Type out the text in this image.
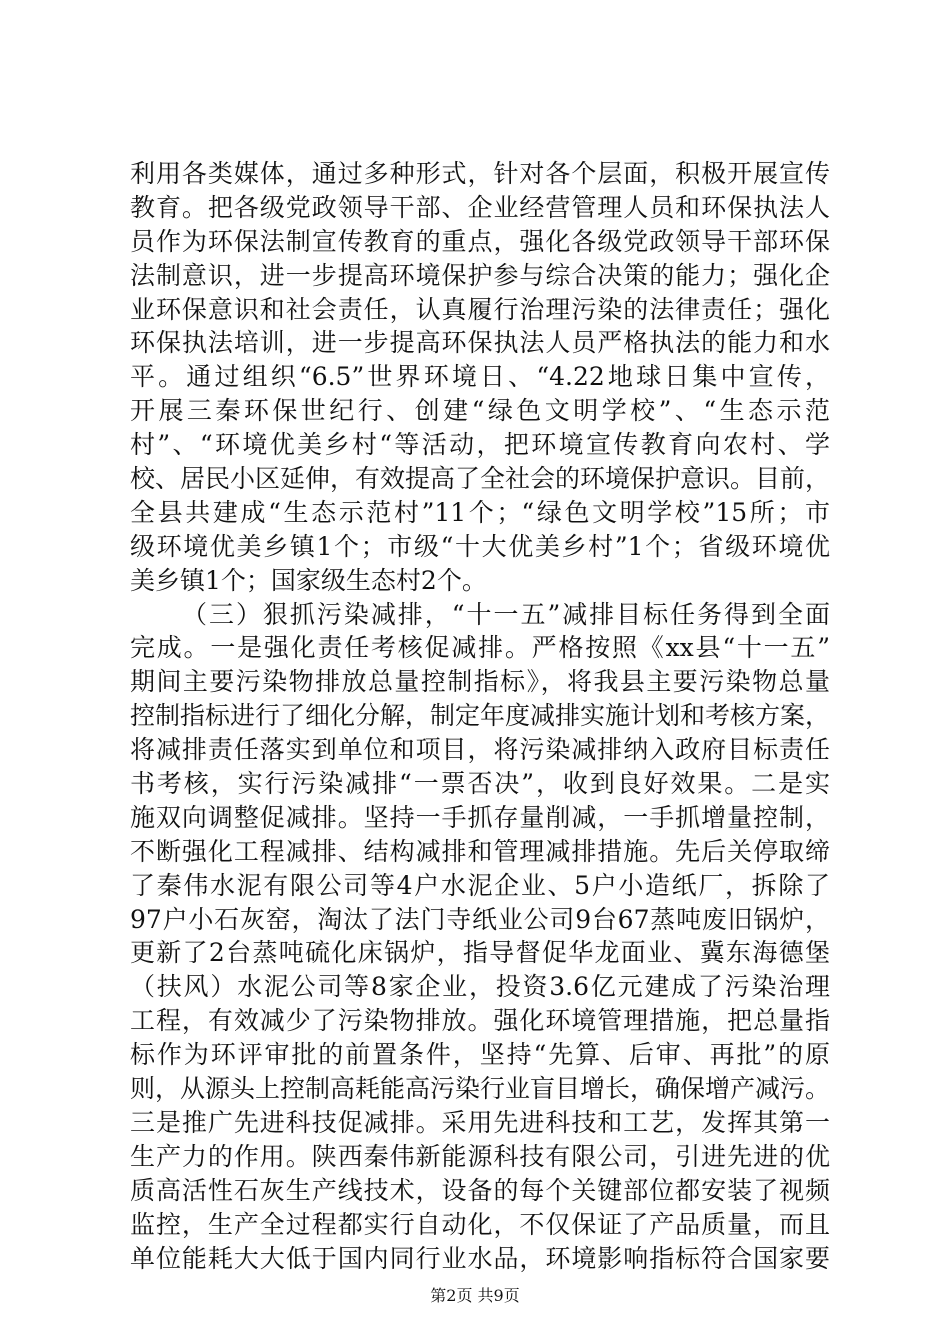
利用各类媒体，通过多种形式，针对各个层面，积极开展宣传
教育。把各级党政领导干部、企业经营管理人员和环保执法人
员作为环保法制宣传教育的重点，强化各级党政领导干部环保
法制意识，进一步提高环境保护参与综合决策的能力；强化企
业环保意识和社会责任，认真履行治理污染的法律责任；强化
环保执法培训，进一步提高环保执法人员严格执法的能力和水
平。通过组织“6.5”世界环境日、“4.22地球日集中宣传，
开展三秦环保世纪行、创建“绿色文明学校”、“生态示范
村”、“环境优美乡村“等活动，把环境宣传教育向农村、学
校、居民小区延伸，有效提高了全社会的环境保护意识。目前，
全县共建成“生态示范村”11个；“绿色文明学校”15所；市
级环境优美乡镇1个；市级“十大优美乡村”1个；省级环境优
美乡镇1个；国家级生态村2个。
（三）狠抓污染减排，“十一五”减排目标任务得到全面
完成。一是强化责任考核促减排。严格按照《xx县“十一五”
期间主要污染物排放总量控制指标》，将我县主要污染物总量
控制指标进行了细化分解，制定年度减排实施计划和考核方案，
将减排责任落实到单位和项目，将污染减排纳入政府目标责任
书考核，实行污染减排“一票否决”，收到良好效果。二是实
施双向调整促减排。坚持一手抓存量削减，一手抓增量控制，
不断强化工程减排、结构减排和管理减排措施。先后关停取缔
了秦伟水泥有限公司等4户水泥企业、5户小造纸厂，拆除了
97户小石灰窑，淘汰了法门寺纸业公司9台67蒸吨废旧锅炉，
更新了2台蒸吨硫化床锅炉，指导督促华龙面业、冀东海德堡
（扶风）水泥公司等8家企业，投资3.6亿元建成了污染治理
工程，有效减少了污染物排放。强化环境管理措施，把总量指
标作为环评审批的前置条件，坚持“先算、后审、再批”的原
则，从源头上控制高耗能高污染行业盲目增长，确保增产减污。
三是推广先进科技促减排。采用先进科技和工艺，发挥其第一
生产力的作用。陕西秦伟新能源科技有限公司，引进先进的优
质高活性石灰生产线技术，设备的每个关键部位都安装了视频
监控，生产全过程都实行自动化，不仅保证了产品质量，而且
单位能耗大大低于国内同行业水品，环境影响指标符合国家要
第2页 共9页
